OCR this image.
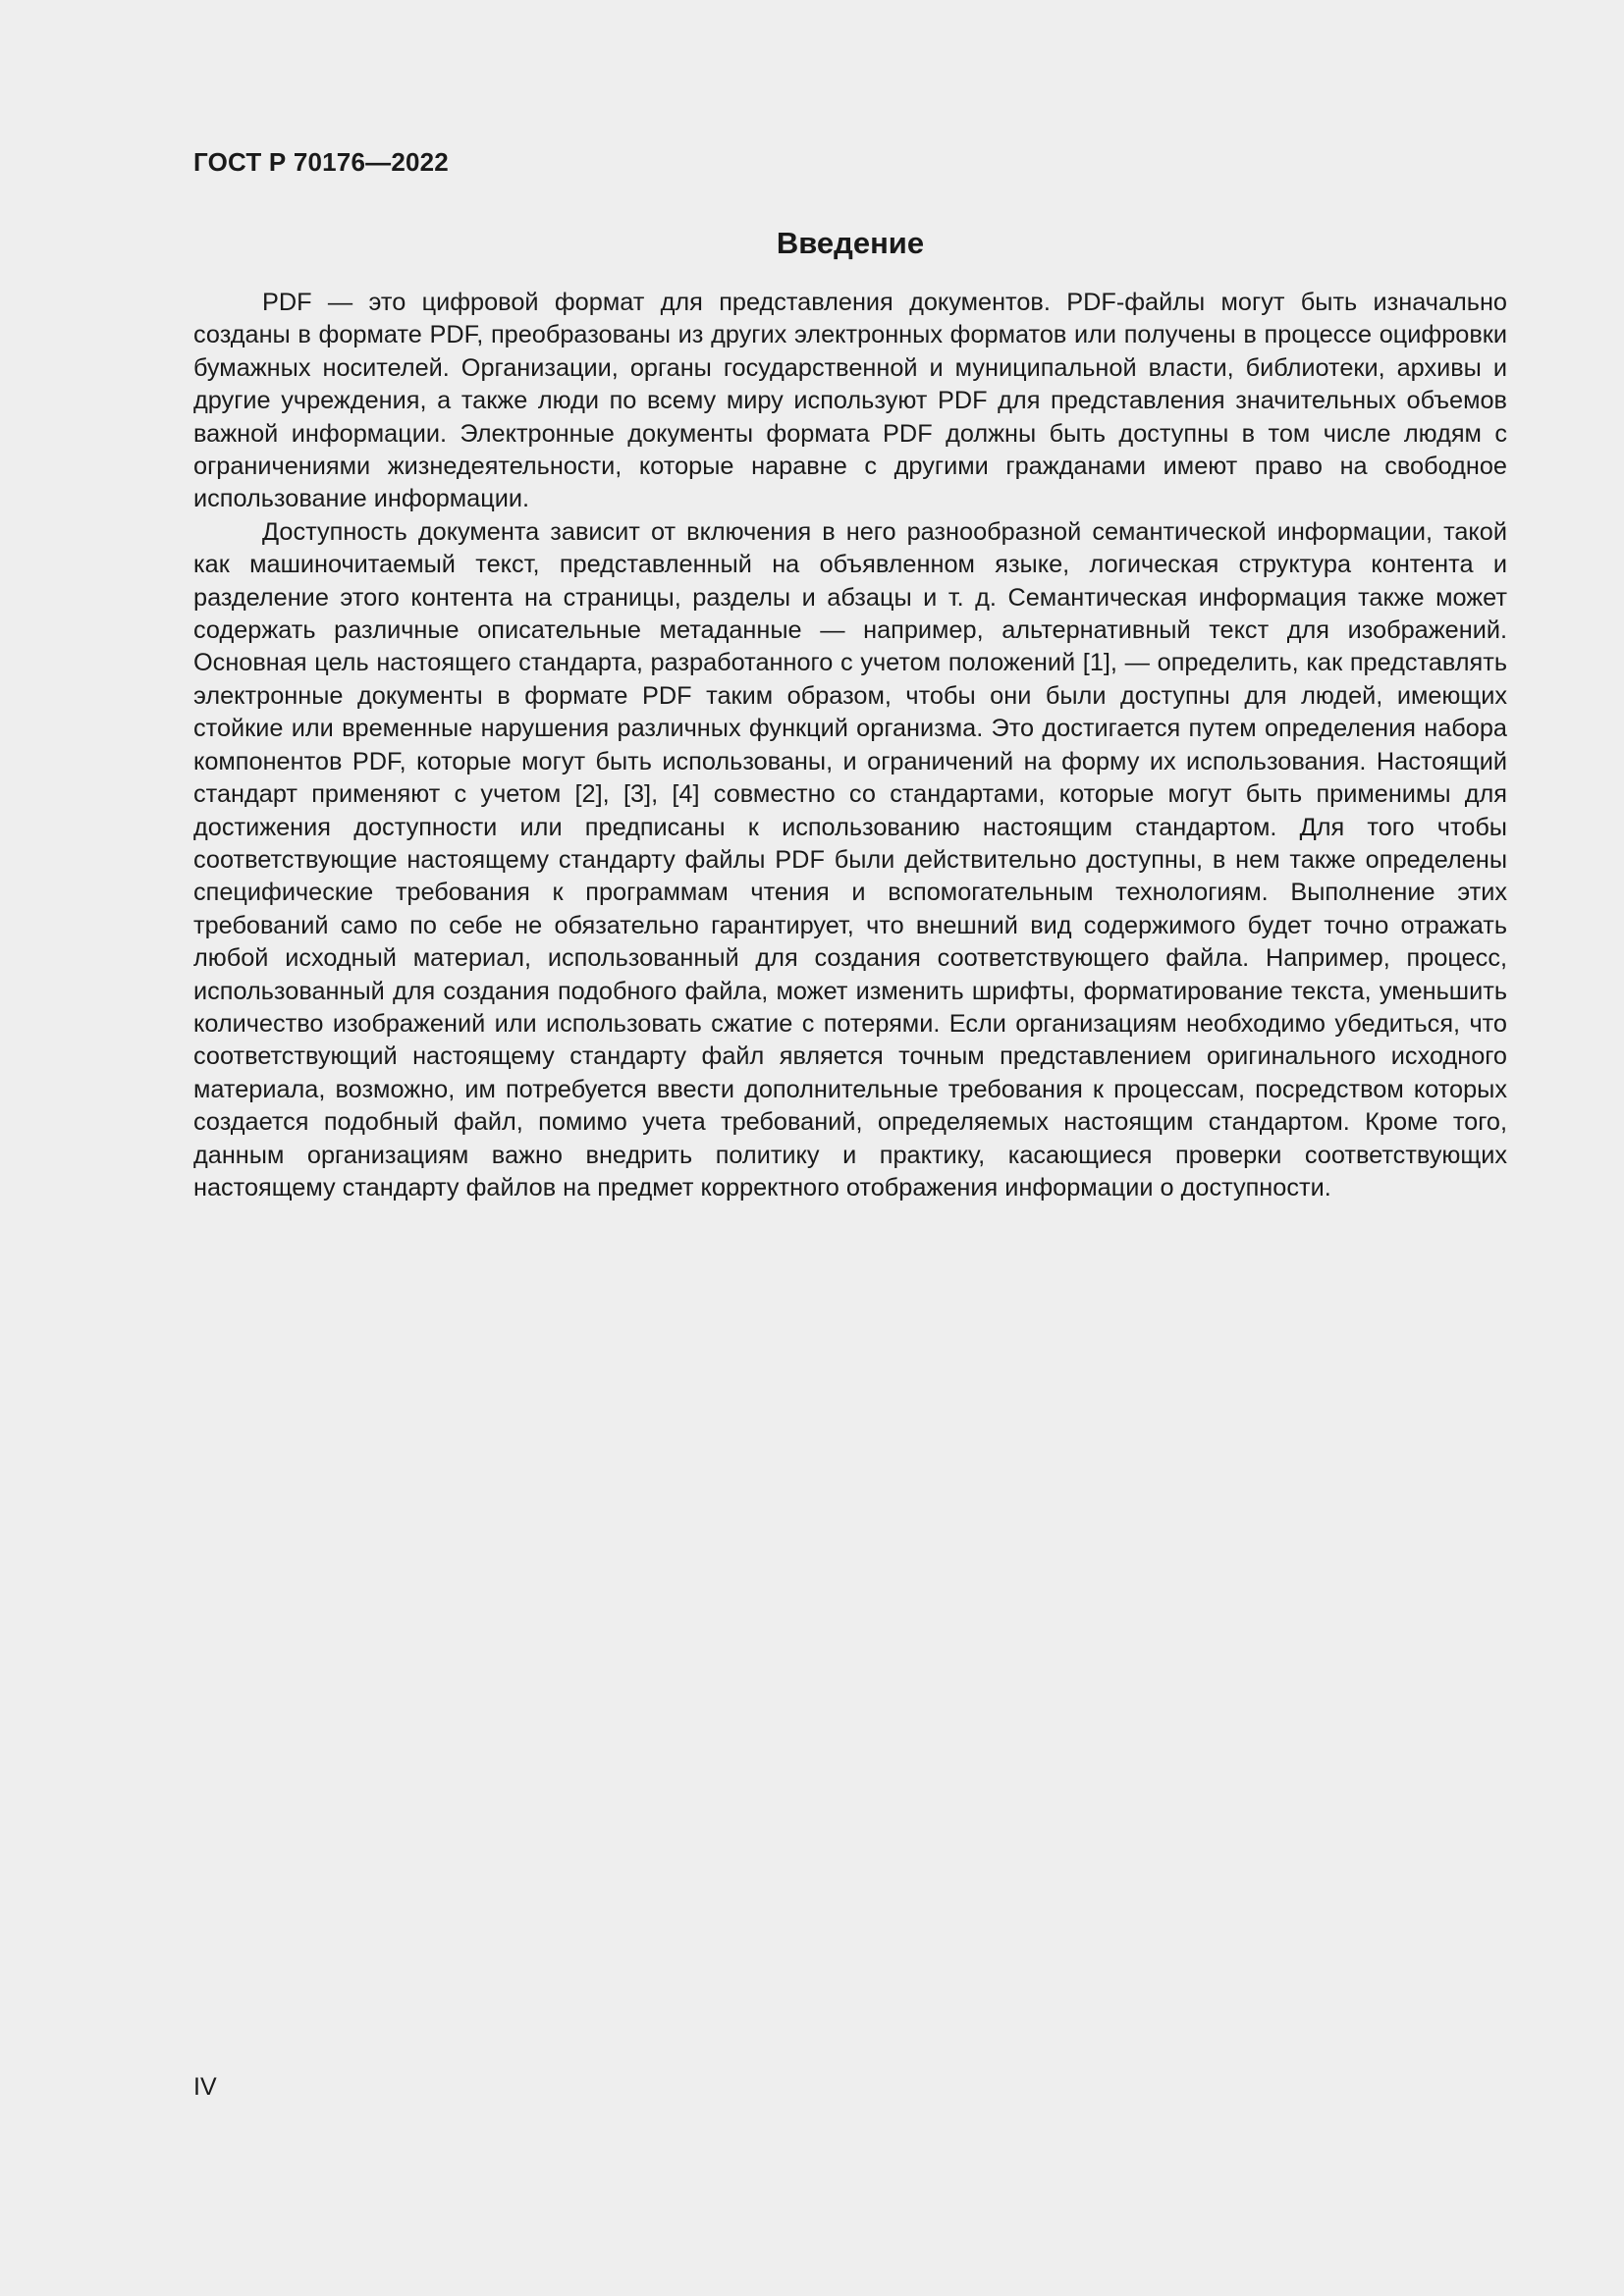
ГОСТ Р 70176—2022
Введение

PDF — это цифровой формат для представления документов. PDF-файлы могут быть изначально созданы в формате PDF, преобразованы из других электронных форматов или получены в процессе оцифровки бумажных носителей. Организации, органы государственной и муниципальной власти, библиотеки, архивы и другие учреждения, а также люди по всему миру используют PDF для представления значительных объемов важной информации. Электронные документы формата PDF должны быть доступны в том числе людям с ограничениями жизнедеятельности, которые наравне с другими гражданами имеют право на свободное использование информации.

Доступность документа зависит от включения в него разнообразной семантической информации, такой как машиночитаемый текст, представленный на объявленном языке, логическая структура контента и разделение этого контента на страницы, разделы и абзацы и т. д. Семантическая информация также может содержать различные описательные метаданные — например, альтернативный текст для изображений. Основная цель настоящего стандарта, разработанного с учетом положений [1], — определить, как представлять электронные документы в формате PDF таким образом, чтобы они были доступны для людей, имеющих стойкие или временные нарушения различных функций организма. Это достигается путем определения набора компонентов PDF, которые могут быть использованы, и ограничений на форму их использования. Настоящий стандарт применяют с учетом [2], [3], [4] совместно со стандартами, которые могут быть применимы для достижения доступности или предписаны к использованию настоящим стандартом. Для того чтобы соответствующие настоящему стандарту файлы PDF были действительно доступны, в нем также определены специфические требования к программам чтения и вспомогательным технологиям. Выполнение этих требований само по себе не обязательно гарантирует, что внешний вид содержимого будет точно отражать любой исходный материал, использованный для создания соответствующего файла. Например, процесс, использованный для создания подобного файла, может изменить шрифты, форматирование текста, уменьшить количество изображений или использовать сжатие с потерями. Если организациям необходимо убедиться, что соответствующий настоящему стандарту файл является точным представлением оригинального исходного материала, возможно, им потребуется ввести дополнительные требования к процессам, посредством которых создается подобный файл, помимо учета требований, определяемых настоящим стандартом. Кроме того, данным организациям важно внедрить политику и практику, касающиеся проверки соответствующих настоящему стандарту файлов на предмет корректного отображения информации о доступности.

IV
